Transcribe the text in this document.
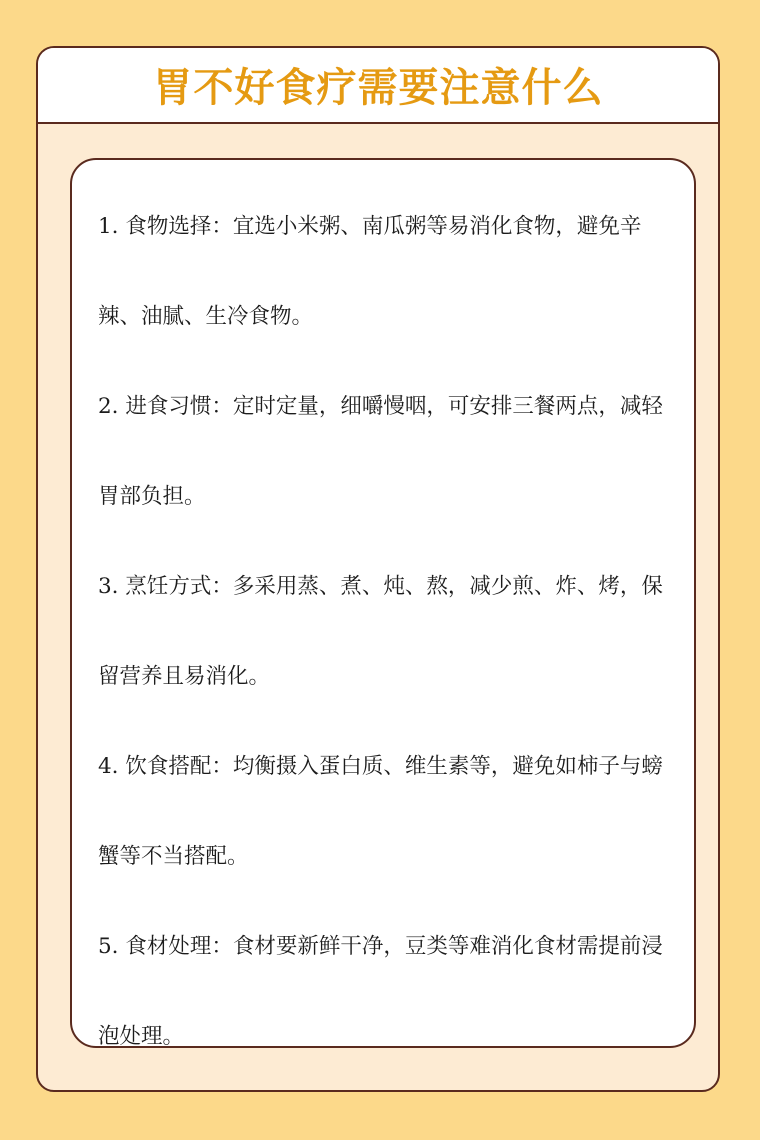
胃不好食疗需要注意什么

1. 食物选择：宜选小米粥、南瓜粥等易消化食物，避免辛辣、油腻、生冷食物。

2. 进食习惯：定时定量，细嚼慢咽，可安排三餐两点，减轻胃部负担。

3. 烹饪方式：多采用蒸、煮、炖、熬，减少煎、炸、烤，保留营养且易消化。

4. 饮食搭配：均衡摄入蛋白质、维生素等，避免如柿子与螃蟹等不当搭配。

5. 食材处理：食材要新鲜干净，豆类等难消化食材需提前浸泡处理。
